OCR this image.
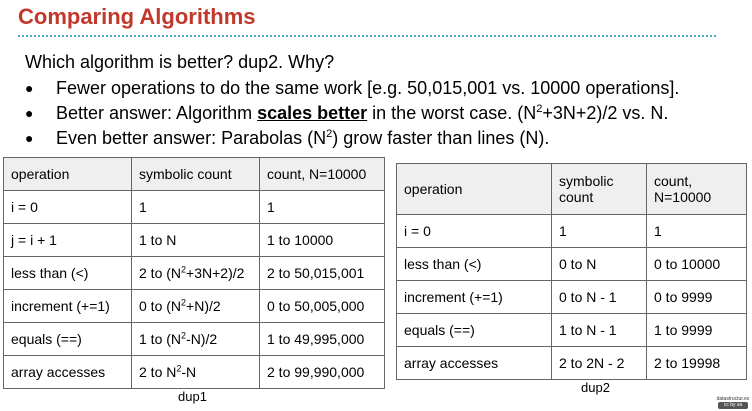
Comparing Algorithms
Which algorithm is better? dup2. Why?
● Fewer operations to do the same work [e.g. 50,015,001 vs. 10000 operations].
● Better answer: Algorithm scales better in the worst case. $(N^2+3N+2)/2$ vs. N.
● Even better answer: Parabolas $(N^2)$ grow faster than lines (N).
operation	symbolic count	count, N=10000
i = 0	1	1
j = i + 1	1 to N	1 to 10000
less than (<)	2 to $(N^2+3N+2)/2$	2 to 50,015,001
increment (+=1)	0 to $(N^2+N)/2$	0 to 50,005,000
equals (==)	1 to $(N^2-N)/2$	1 to 49,995,000
array accesses	2 to $N^2-N$	2 to 99,990,000
dup1
operation	symbolic count	count, N=10000
i = 0	1	1
less than (<)	0 to N	0 to 10000
increment (+=1)	0 to N - 1	0 to 9999
equals (==)	1 to N - 1	1 to 9999
array accesses	2 to 2N - 2	2 to 19998
dup2
datastructur.es
cc by sa
